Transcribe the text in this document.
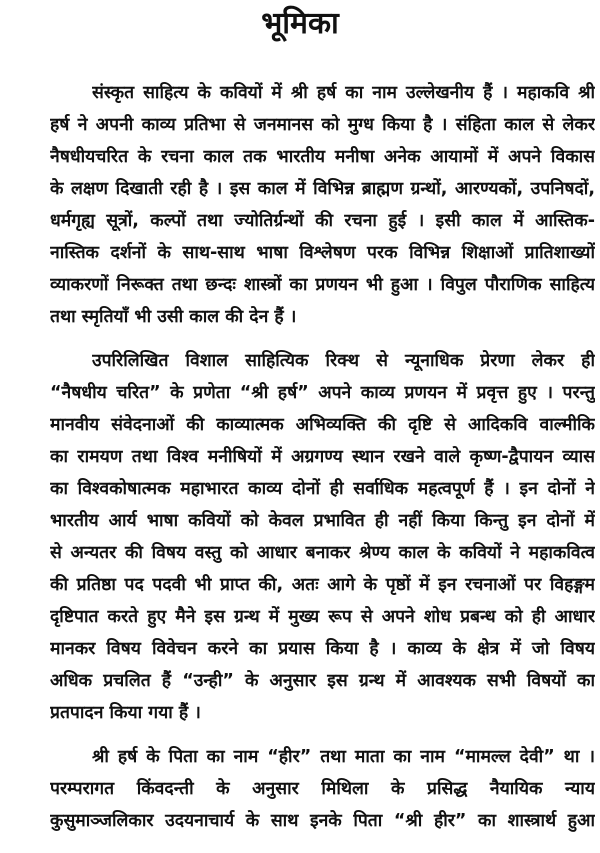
भूमिका
संस्कृत साहित्य के कवियों में श्री हर्ष का नाम उल्लेखनीय हैं । महाकवि श्री
हर्ष ने अपनी काव्य प्रतिभा से जनमानस को मुग्ध किया है । संहिता काल से लेकर
नैषधीयचरित के रचना काल तक भारतीय मनीषा अनेक आयामों में अपने विकास
के लक्षण दिखाती रही है । इस काल में विभिन्न ब्राह्मण ग्रन्थों, आरण्यकों, उपनिषदों,
धर्मगृह्य सूत्रों, कल्पों तथा ज्योतिर्ग्रन्थों की रचना हुई । इसी काल में आस्तिक-
नास्तिक दर्शनों के साथ-साथ भाषा विश्लेषण परक विभिन्न शिक्षाओं प्रातिशाख्यों
व्याकरणों निरूक्त तथा छन्दः शास्त्रों का प्रणयन भी हुआ । विपुल पौराणिक साहित्य
तथा स्मृतियाँ भी उसी काल की देन हैं ।
उपरिलिखित विशाल साहित्यिक रिक्थ से न्यूनाधिक प्रेरणा लेकर ही
“नैषधीय चरित” के प्रणेता “श्री हर्ष” अपने काव्य प्रणयन में प्रवृत्त हुए । परन्तु
मानवीय संवेदनाओं की काव्यात्मक अभिव्यक्ति की दृष्टि से आदिकवि वाल्मीकि
का रामयण तथा विश्व मनीषियों में अग्रगण्य स्थान रखने वाले कृष्ण-द्वैपायन व्यास
का विश्वकोषात्मक महाभारत काव्य दोनों ही सर्वाधिक महत्वपूर्ण हैं । इन दोनों ने
भारतीय आर्य भाषा कवियों को केवल प्रभावित ही नहीं किया किन्तु इन दोनों में
से अन्यतर की विषय वस्तु को आधार बनाकर श्रेण्य काल के कवियों ने महाकवित्व
की प्रतिष्ठा पद पदवी भी प्राप्त की, अतः आगे के पृष्ठों में इन रचनाओं पर विहङ्गम
दृष्टिपात करते हुए मैने इस ग्रन्थ में मुख्य रूप से अपने शोध प्रबन्ध को ही आधार
मानकर विषय विवेचन करने का प्रयास किया है । काव्य के क्षेत्र में जो विषय
अधिक प्रचलित हैं “उन्ही” के अनुसार इस ग्रन्थ में आवश्यक सभी विषयों का
प्रतपादन किया गया हैं ।
श्री हर्ष के पिता का नाम “हीर” तथा माता का नाम “मामल्ल देवी” था ।
परम्परागत किंवदन्ती के अनुसार मिथिला के प्रसिद्ध नैयायिक न्याय
कुसुमाञ्जलिकार उदयनाचार्य के साथ इनके पिता “श्री हीर” का शास्त्रार्थ हुआ
